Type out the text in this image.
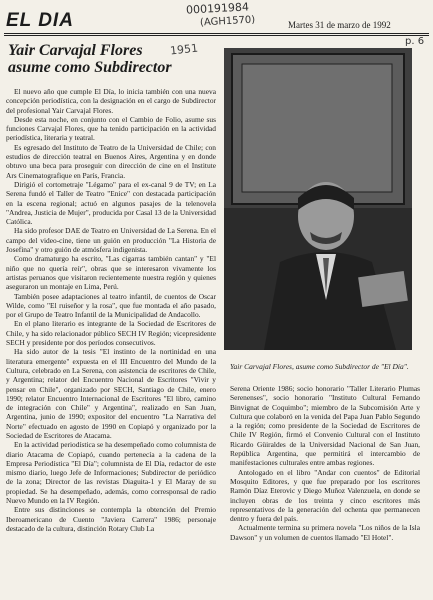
EL DIA
000191984
(AGH1570)	Martes 31 de marzo de 1992
Yair Carvajal Flores
asume como Subdirector
1951
p. 6
Yair Carvajal Flores, asume como Subdirector de "El Día".

El nuevo año que cumple El Día, lo inicia también con una nueva concepción periodística, con la designación en el cargo de Subdirector del profesional Yair Carvajal Flores.

Desde esta noche, en conjunto con el Cambio de Folio, asume sus funciones Carvajal Flores, que ha tenido participación en la actividad periodística, literaria y teatral.

Es egresado del Instituto de Teatro de la Universidad de Chile; con estudios de dirección teatral en Buenos Aires, Argentina y en donde obtuvo una beca para proseguir con dirección de cine en el Institute Ars Cinematografique en París, Francia.

Dirigió el cortometraje "Légamo" para el ex-canal 9 de TV; en La Serena fundó el Taller de Teatro "Enice" con destacada participación en la escena regional; actuó en algunos pasajes de la telenovela "Andrea, Justicia de Mujer", producida por Casal 13 de la Universidad Católica.

Ha sido profesor DAE de Teatro en Universidad de La Serena. En el campo del video-cine, tiene un guión en producción "La Historia de Josefina" y otro guión de atmósfera indigenista.

Como dramaturgo ha escrito, "Las cigarras también cantan" y "El niño que no quería reír", obras que se interesaron vivamente los artistas peruanos que visitaron recientemente nuestra región y quienes aseguraron un montaje en Lima, Perú.

También posee adaptaciones al teatro infantil, de cuentos de Oscar Wilde, como "El ruiseñor y la rosa", que fue montada el año pasado, por el Grupo de Teatro Infantil de la Municipalidad de Andacollo.

En el plano literario es integrante de la Sociedad de Escritores de Chile, y ha sido relacionador público SECH IV Región; vicepresidente SECH y presidente por dos períodos consecutivos.

Ha sido autor de la tesis "El instinto de la nortinidad en una literatura emergente" expuesta en el III Encuentro del Mundo de la Cultura, celebrado en La Serena, con asistencia de escritores de Chile, y Argentina; relator del Encuentro Nacional de Escritores "Vivir y pensar en Chile", organizado por SECH, Santiago de Chile, enero 1990; relator Encuentro Internacional de Escritores "El libro, camino de integración con Chile" y Argentina", realizado en San Juan, Argentina, junio de 1990; expositor del encuentro "La Narrativa del Norte" efectuado en agosto de 1990 en Copiapó y organizado por la Sociedad de Escritores de Atacama.

En la actividad periodística se ha desempeñado como columnista de diario Atacama de Copiapó, cuando pertenecía a la cadena de la Empresa Periodística "El Día"; columnista de El Día, redactor de este mismo diario, luego Jefe de Informaciones; Subdirector de periódico de la zona; Director de las revistas Diaguita-1 y El Maray de su propiedad. Se ha desempeñado, además, como corresponsal de radio Nuevo Mundo en la IV Región.

Entre sus distinciones se contempla la obtención del Premio Iberoamericano de Cuento "Javiera Carrera" 1986; personaje destacado de la cultura, distinción Rotary Club La

Serena Oriente 1986; socio honorario "Taller Literario Plumas Serenenses", socio honorario "Instituto Cultural Fernando Binvignat de Coquimbo"; miembro de la Subcomisión Arte y Cultura que colaboró en la venida del Papa Juan Pablo Segundo a la región; como presidente de la Sociedad de Escritores de Chile IV Región, firmó el Convenio Cultural con el Instituto Ricardo Güiraldes de la Universidad Nacional de San Juan, República Argentina, que permitirá el intercambio de manifestaciones culturales entre ambas regiones.

Antologado en el libro "Andar con cuentos" de Editorial Mosquito Editores, y que fue preparado por los escritores Ramón Díaz Eterovic y Diego Muñoz Valenzuela, en donde se incluyen obras de los treinta y cinco escritores más representativos de la generación del ochenta que permanecen dentro y fuera del país.

Actualmente termina su primera novela "Los niños de la Isla Dawson" y un volumen de cuentos llamado "El Hotel".
